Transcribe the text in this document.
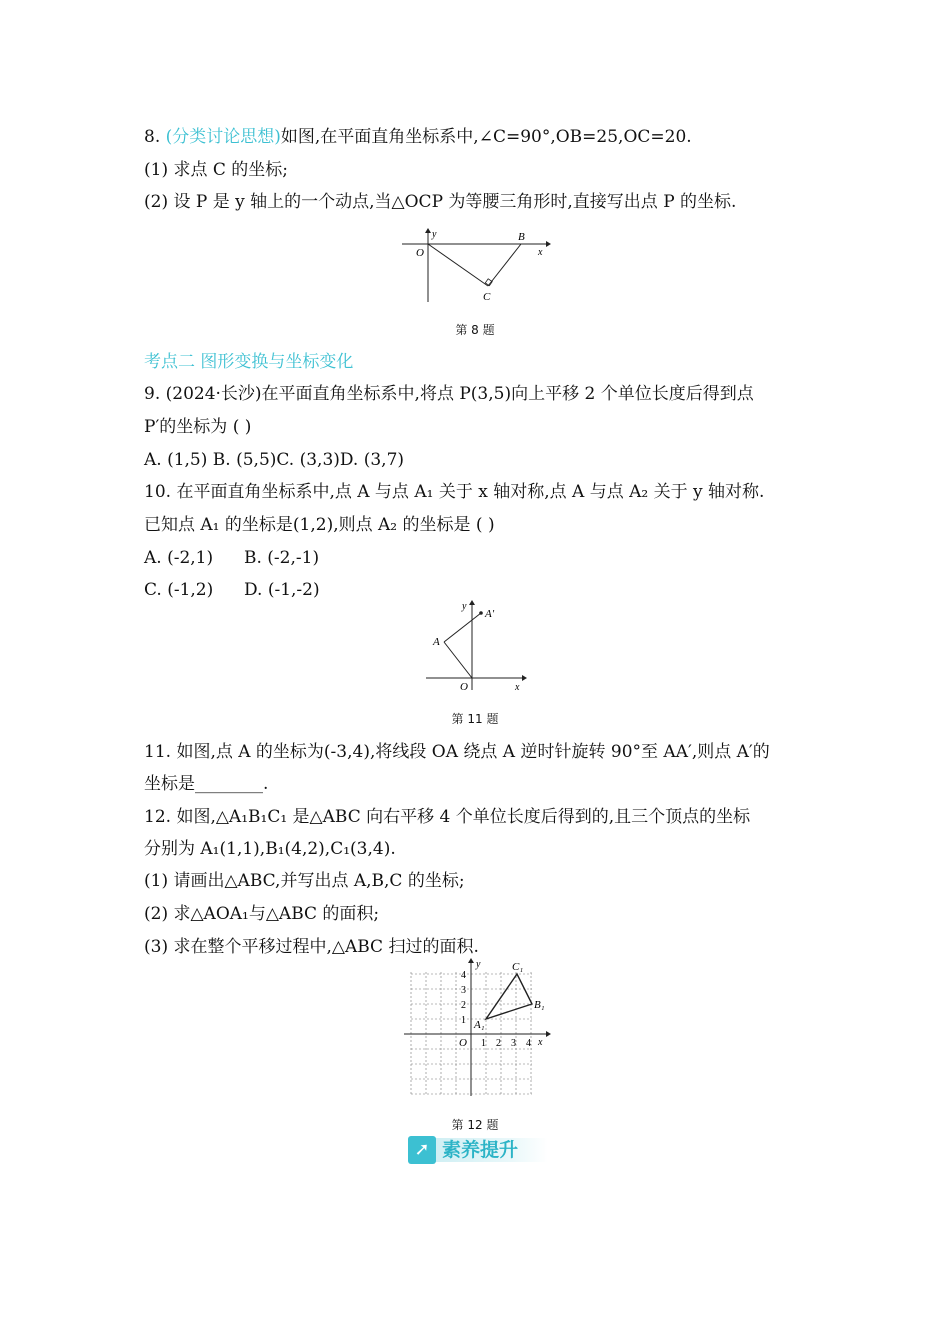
8. (分类讨论思想)如图,在平面直角坐标系中,∠C=90°,OB=25,OC=20.
(1) 求点 C 的坐标;
(2) 设 P 是 y 轴上的一个动点,当△OCP 为等腰三角形时,直接写出点 P 的坐标.
y
x
O
B
C
第 8 题
考点二 图形变换与坐标变化
9. (2024·长沙)在平面直角坐标系中,将点 P(3,5)向上平移 2 个单位长度后得到点
P′的坐标为 ( )
A. (1,5) B. (5,5)C. (3,3)D. (3,7)
10. 在平面直角坐标系中,点 A 与点 A₁ 关于 x 轴对称,点 A 与点 A₂ 关于 y 轴对称.
已知点 A₁ 的坐标是(1,2),则点 A₂ 的坐标是 ( )
A. (-2,1) B. (-2,-1)
C. (-1,2) D. (-1,-2)
y
A′
A
O	x
第 11 题
11. 如图,点 A 的坐标为(-3,4),将线段 OA 绕点 A 逆时针旋转 90°至 AA′,则点 A′的
坐标是________.
12. 如图,△A₁B₁C₁ 是△ABC 向右平移 4 个单位长度后得到的,且三个顶点的坐标
分别为 A₁(1,1),B₁(4,2),C₁(3,4).
(1) 请画出△ABC,并写出点 A,B,C 的坐标;
(2) 求△AOA₁与△ABC 的面积;
(3) 求在整个平移过程中,△ABC 扫过的面积.
y
x
O
A₁
B₁
C₁
1 2 3 4
1
2
3
4
第 12 题
➚ 素养提升
